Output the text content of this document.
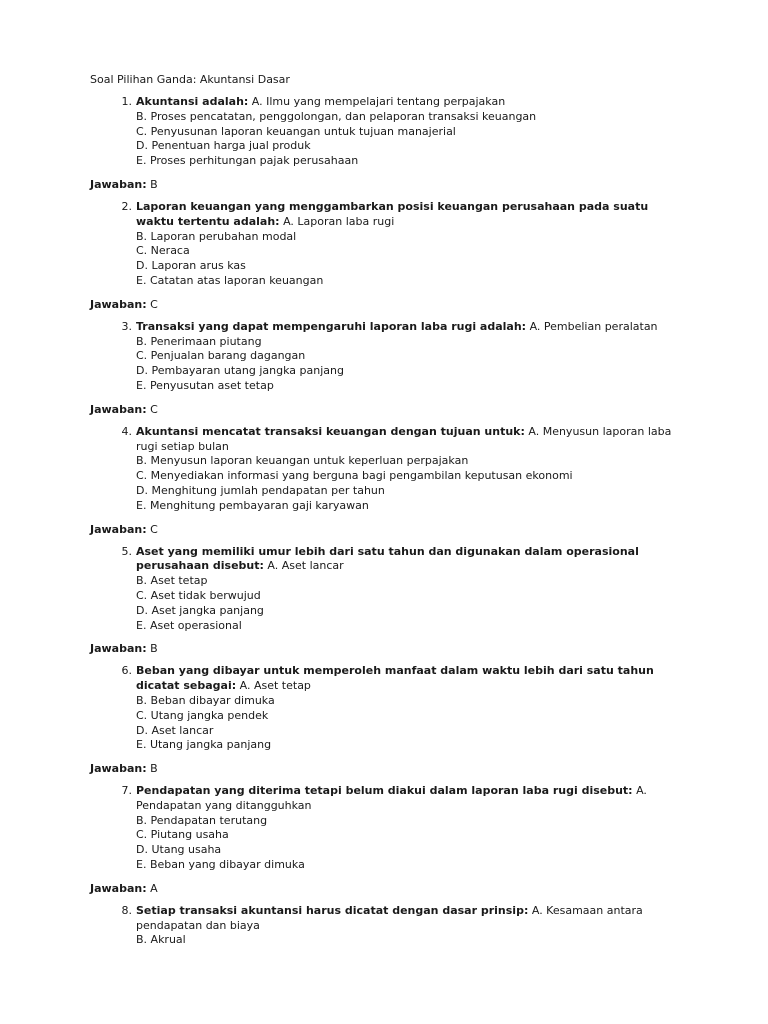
Soal Pilihan Ganda: Akuntansi Dasar
1. Akuntansi adalah: A. Ilmu yang mempelajari tentang perpajakan
B. Proses pencatatan, penggolongan, dan pelaporan transaksi keuangan
C. Penyusunan laporan keuangan untuk tujuan manajerial
D. Penentuan harga jual produk
E. Proses perhitungan pajak perusahaan
Jawaban: B
2. Laporan keuangan yang menggambarkan posisi keuangan perusahaan pada suatu waktu tertentu adalah: A. Laporan laba rugi
B. Laporan perubahan modal
C. Neraca
D. Laporan arus kas
E. Catatan atas laporan keuangan
Jawaban: C
3. Transaksi yang dapat mempengaruhi laporan laba rugi adalah: A. Pembelian peralatan
B. Penerimaan piutang
C. Penjualan barang dagangan
D. Pembayaran utang jangka panjang
E. Penyusutan aset tetap
Jawaban: C
4. Akuntansi mencatat transaksi keuangan dengan tujuan untuk: A. Menyusun laporan laba rugi setiap bulan
B. Menyusun laporan keuangan untuk keperluan perpajakan
C. Menyediakan informasi yang berguna bagi pengambilan keputusan ekonomi
D. Menghitung jumlah pendapatan per tahun
E. Menghitung pembayaran gaji karyawan
Jawaban: C
5. Aset yang memiliki umur lebih dari satu tahun dan digunakan dalam operasional perusahaan disebut: A. Aset lancar
B. Aset tetap
C. Aset tidak berwujud
D. Aset jangka panjang
E. Aset operasional
Jawaban: B
6. Beban yang dibayar untuk memperoleh manfaat dalam waktu lebih dari satu tahun dicatat sebagai: A. Aset tetap
B. Beban dibayar dimuka
C. Utang jangka pendek
D. Aset lancar
E. Utang jangka panjang
Jawaban: B
7. Pendapatan yang diterima tetapi belum diakui dalam laporan laba rugi disebut: A. Pendapatan yang ditangguhkan
B. Pendapatan terutang
C. Piutang usaha
D. Utang usaha
E. Beban yang dibayar dimuka
Jawaban: A
8. Setiap transaksi akuntansi harus dicatat dengan dasar prinsip: A. Kesamaan antara pendapatan dan biaya
B. Akrual
